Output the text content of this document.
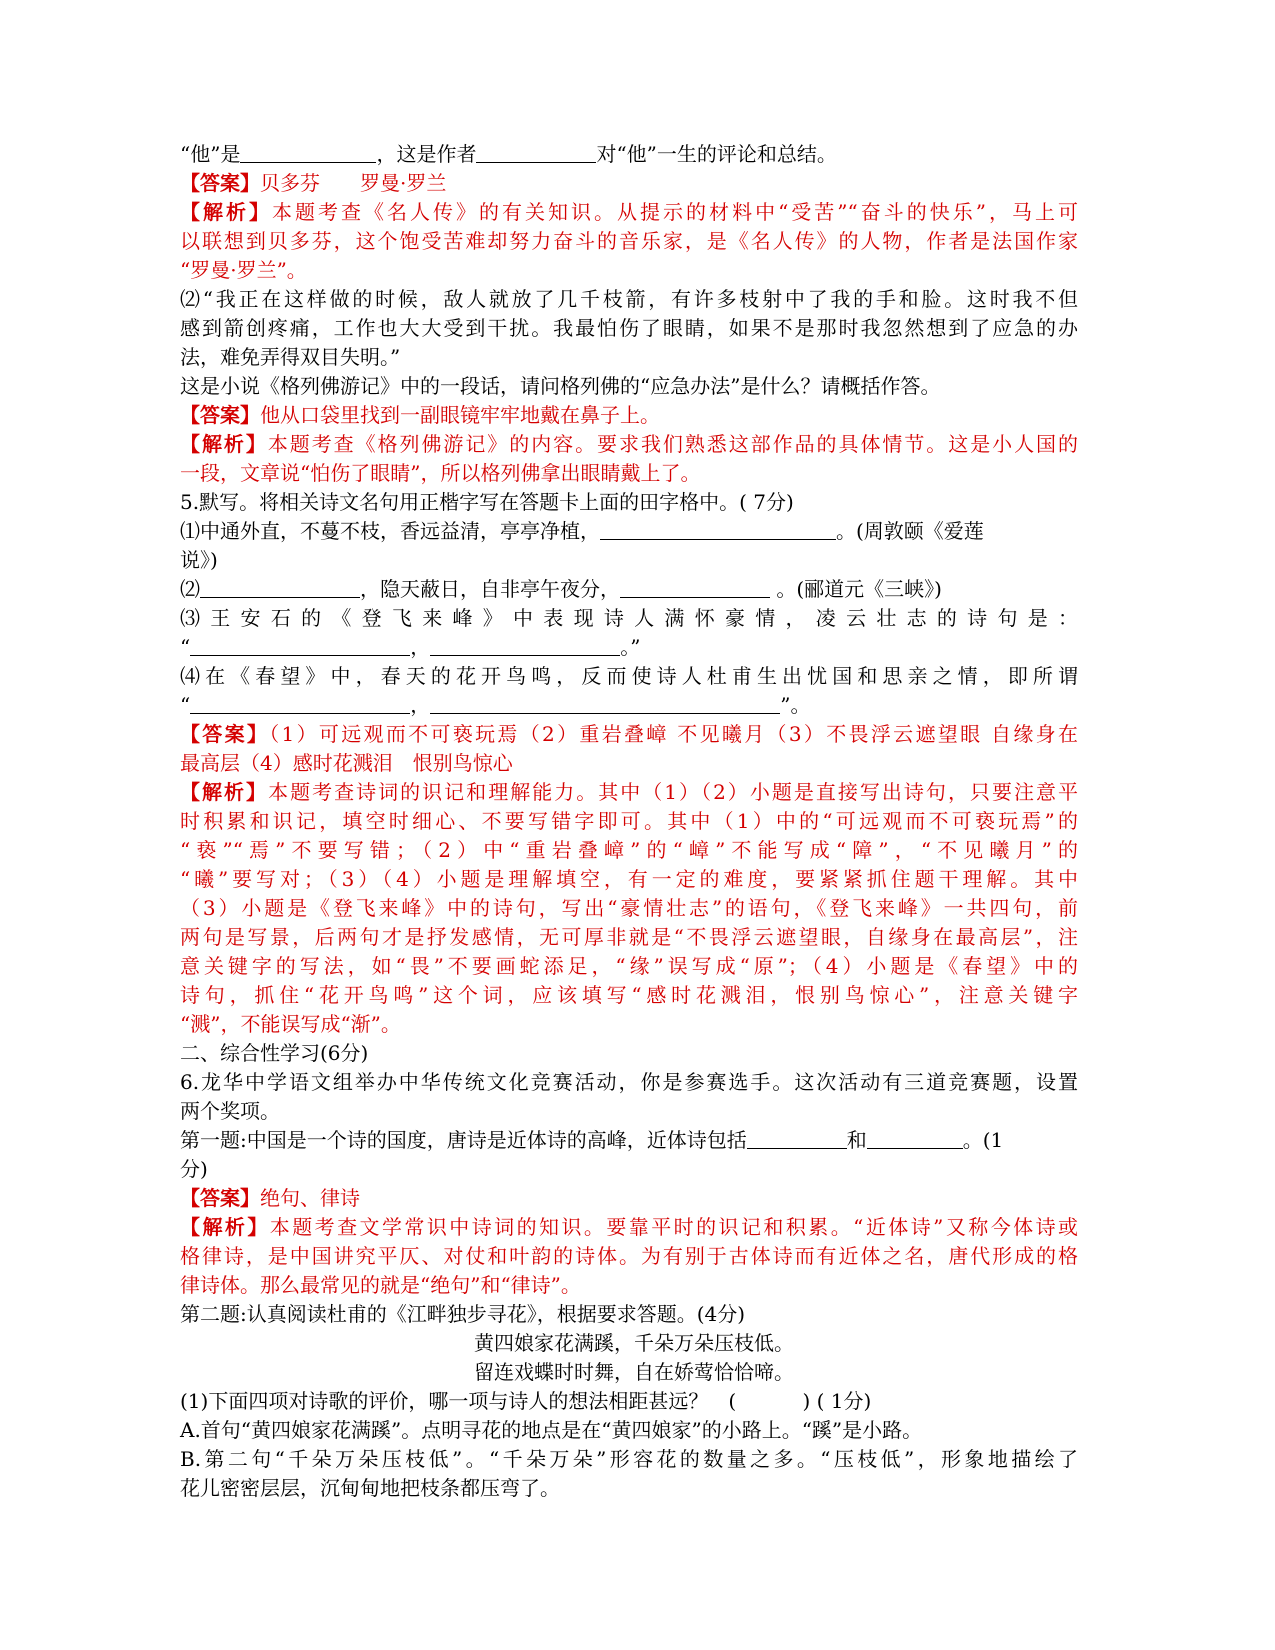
“他”是	，这是作者	对“他”一生的评论和总结。
【答案】贝多芬　　罗曼·罗兰
【解析】本题考查《名人传》的有关知识。从提示的材料中“受苦”“奋斗的快乐”，马上可
以联想到贝多芬，这个饱受苦难却努力奋斗的音乐家，是《名人传》的人物，作者是法国作家
“罗曼·罗兰”。
⑵“我正在这样做的时候，敌人就放了几千枝箭，有许多枝射中了我的手和脸。这时我不但
感到箭创疼痛，工作也大大受到干扰。我最怕伤了眼睛，如果不是那时我忽然想到了应急的办
法，难免弄得双目失明。”
这是小说《格列佛游记》中的一段话，请问格列佛的“应急办法”是什么？请概括作答。
【答案】他从口袋里找到一副眼镜牢牢地戴在鼻子上。
【解析】本题考查《格列佛游记》的内容。要求我们熟悉这部作品的具体情节。这是小人国的
一段，文章说“怕伤了眼睛”，所以格列佛拿出眼睛戴上了。
5.默写。将相关诗文名句用正楷字写在答题卡上面的田字格中。( 7分)
⑴中通外直，不蔓不枝，香远益清，亭亭净植，	。(周敦颐《爱莲
说》)
⑵	，隐天蔽日，自非亭午夜分，	。(郦道元《三峡》)
⑶王安石的《登飞来峰》中表现诗人满怀豪情，凌云壮志的诗句是：
“	，	。”
⑷在《春望》中，春天的花开鸟鸣，反而使诗人杜甫生出忧国和思亲之情，即所谓
“	，	”。
【答案】（1）可远观而不可亵玩焉（2）重岩叠嶂 不见曦月（3）不畏浮云遮望眼 自缘身在
最高层（4）感时花溅泪　恨别鸟惊心
【解析】本题考查诗词的识记和理解能力。其中（1）（2）小题是直接写出诗句，只要注意平
时积累和识记，填空时细心、不要写错字即可。其中（1）中的“可远观而不可亵玩焉”的
“亵”“焉”不要写错；（2）中“重岩叠嶂”的“嶂”不能写成“障”，“不见曦月”的
“曦”要写对；（3）（4）小题是理解填空，有一定的难度，要紧紧抓住题干理解。其中
（3）小题是《登飞来峰》中的诗句，写出“豪情壮志”的语句，《登飞来峰》一共四句，前
两句是写景，后两句才是抒发感情，无可厚非就是“不畏浮云遮望眼，自缘身在最高层”，注
意关键字的写法，如“畏”不要画蛇添足，“缘”误写成“原”；（4）小题是《春望》中的
诗句，抓住“花开鸟鸣”这个词，应该填写“感时花溅泪，恨别鸟惊心”，注意关键字
“溅”，不能误写成“渐”。
二、综合性学习(6分)
6.龙华中学语文组举办中华传统文化竞赛活动，你是参赛选手。这次活动有三道竞赛题，设置
两个奖项。
第一题:中国是一个诗的国度，唐诗是近体诗的高峰，近体诗包括	和	。(1
分)
【答案】绝句、律诗
【解析】本题考查文学常识中诗词的知识。要靠平时的识记和积累。“近体诗”又称今体诗或
格律诗，是中国讲究平仄、对仗和叶韵的诗体。为有别于古体诗而有近体之名，唐代形成的格
律诗体。那么最常见的就是“绝句”和“律诗”。
第二题:认真阅读杜甫的《江畔独步寻花》，根据要求答题。(4分)
黄四娘家花满蹊，千朵万朵压枝低。
留连戏蝶时时舞，自在娇莺恰恰啼。
(1)下面四项对诗歌的评价，哪一项与诗人的想法相距甚远？　(　　　 ) ( 1分)
A.首句“黄四娘家花满蹊”。点明寻花的地点是在“黄四娘家”的小路上。“蹊”是小路。
B.第二句“千朵万朵压枝低”。“千朵万朵”形容花的数量之多。“压枝低”，形象地描绘了
花儿密密层层，沉甸甸地把枝条都压弯了。
